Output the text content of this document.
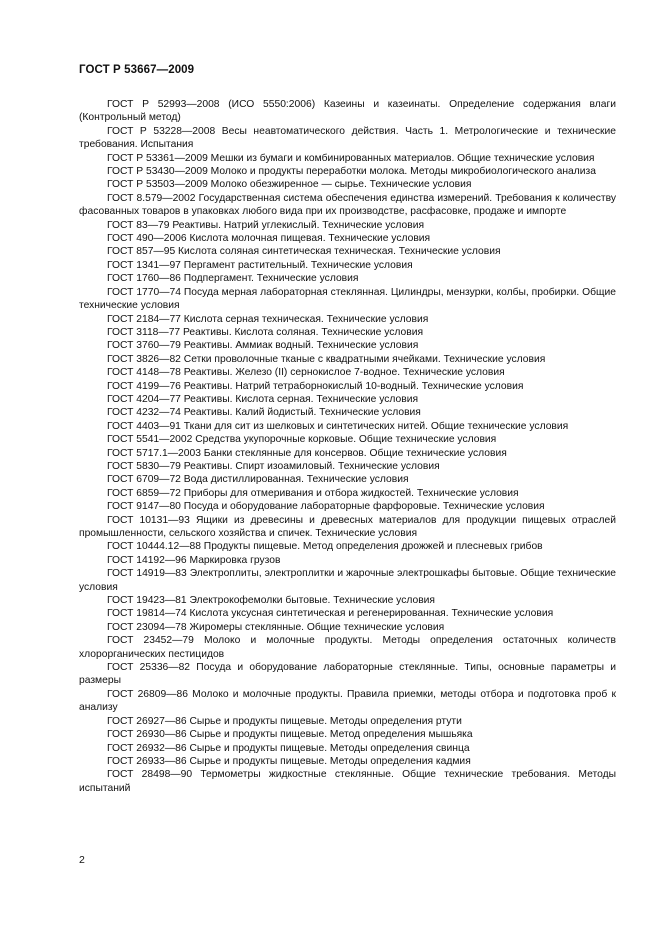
ГОСТ Р 53667—2009

ГОСТ Р 52993—2008 (ИСО 5550:2006) Казеины и казеинаты. Определение содержания влаги (Контрольный метод)

ГОСТ Р 53228—2008 Весы неавтоматического действия. Часть 1. Метрологические и технические требования. Испытания

ГОСТ Р 53361—2009 Мешки из бумаги и комбинированных материалов. Общие технические условия

ГОСТ Р 53430—2009 Молоко и продукты переработки молока. Методы микробиологического анализа

ГОСТ Р 53503—2009 Молоко обезжиренное — сырье. Технические условия

ГОСТ 8.579—2002 Государственная система обеспечения единства измерений. Требования к количеству фасованных товаров в упаковках любого вида при их производстве, расфасовке, продаже и импорте

ГОСТ 83—79 Реактивы. Натрий углекислый. Технические условия

ГОСТ 490—2006 Кислота молочная пищевая. Технические условия

ГОСТ 857—95 Кислота соляная синтетическая техническая. Технические условия

ГОСТ 1341—97 Пергамент растительный. Технические условия

ГОСТ 1760—86 Подпергамент. Технические условия

ГОСТ 1770—74 Посуда мерная лабораторная стеклянная. Цилиндры, мензурки, колбы, пробирки. Общие технические условия

ГОСТ 2184—77 Кислота серная техническая. Технические условия

ГОСТ 3118—77 Реактивы. Кислота соляная. Технические условия

ГОСТ 3760—79 Реактивы. Аммиак водный. Технические условия

ГОСТ 3826—82 Сетки проволочные тканые с квадратными ячейками. Технические условия

ГОСТ 4148—78 Реактивы. Железо (II) сернокислое 7-водное. Технические условия

ГОСТ 4199—76 Реактивы. Натрий тетраборнокислый 10-водный. Технические условия

ГОСТ 4204—77 Реактивы. Кислота серная. Технические условия

ГОСТ 4232—74 Реактивы. Калий йодистый. Технические условия

ГОСТ 4403—91 Ткани для сит из шелковых и синтетических нитей. Общие технические условия

ГОСТ 5541—2002 Средства укупорочные корковые. Общие технические условия

ГОСТ 5717.1—2003 Банки стеклянные для консервов. Общие технические условия

ГОСТ 5830—79 Реактивы. Спирт изоамиловый. Технические условия

ГОСТ 6709—72 Вода дистиллированная. Технические условия

ГОСТ 6859—72 Приборы для отмеривания и отбора жидкостей. Технические условия

ГОСТ 9147—80 Посуда и оборудование лабораторные фарфоровые. Технические условия

ГОСТ 10131—93 Ящики из древесины и древесных материалов для продукции пищевых отраслей промышленности, сельского хозяйства и спичек. Технические условия

ГОСТ 10444.12—88 Продукты пищевые. Метод определения дрожжей и плесневых грибов

ГОСТ 14192—96 Маркировка грузов

ГОСТ 14919—83 Электроплиты, электроплитки и жарочные электрошкафы бытовые. Общие технические условия

ГОСТ 19423—81 Электрокофемолки бытовые. Технические условия

ГОСТ 19814—74 Кислота уксусная синтетическая и регенерированная. Технические условия

ГОСТ 23094—78 Жиромеры стеклянные. Общие технические условия

ГОСТ 23452—79 Молоко и молочные продукты. Методы определения остаточных количеств хлорорганических пестицидов

ГОСТ 25336—82 Посуда и оборудование лабораторные стеклянные. Типы, основные параметры и размеры

ГОСТ 26809—86 Молоко и молочные продукты. Правила приемки, методы отбора и подготовка проб к анализу

ГОСТ 26927—86 Сырье и продукты пищевые. Методы определения ртути

ГОСТ 26930—86 Сырье и продукты пищевые. Метод определения мышьяка

ГОСТ 26932—86 Сырье и продукты пищевые. Методы определения свинца

ГОСТ 26933—86 Сырье и продукты пищевые. Методы определения кадмия

ГОСТ 28498—90 Термометры жидкостные стеклянные. Общие технические требования. Методы испытаний

2
